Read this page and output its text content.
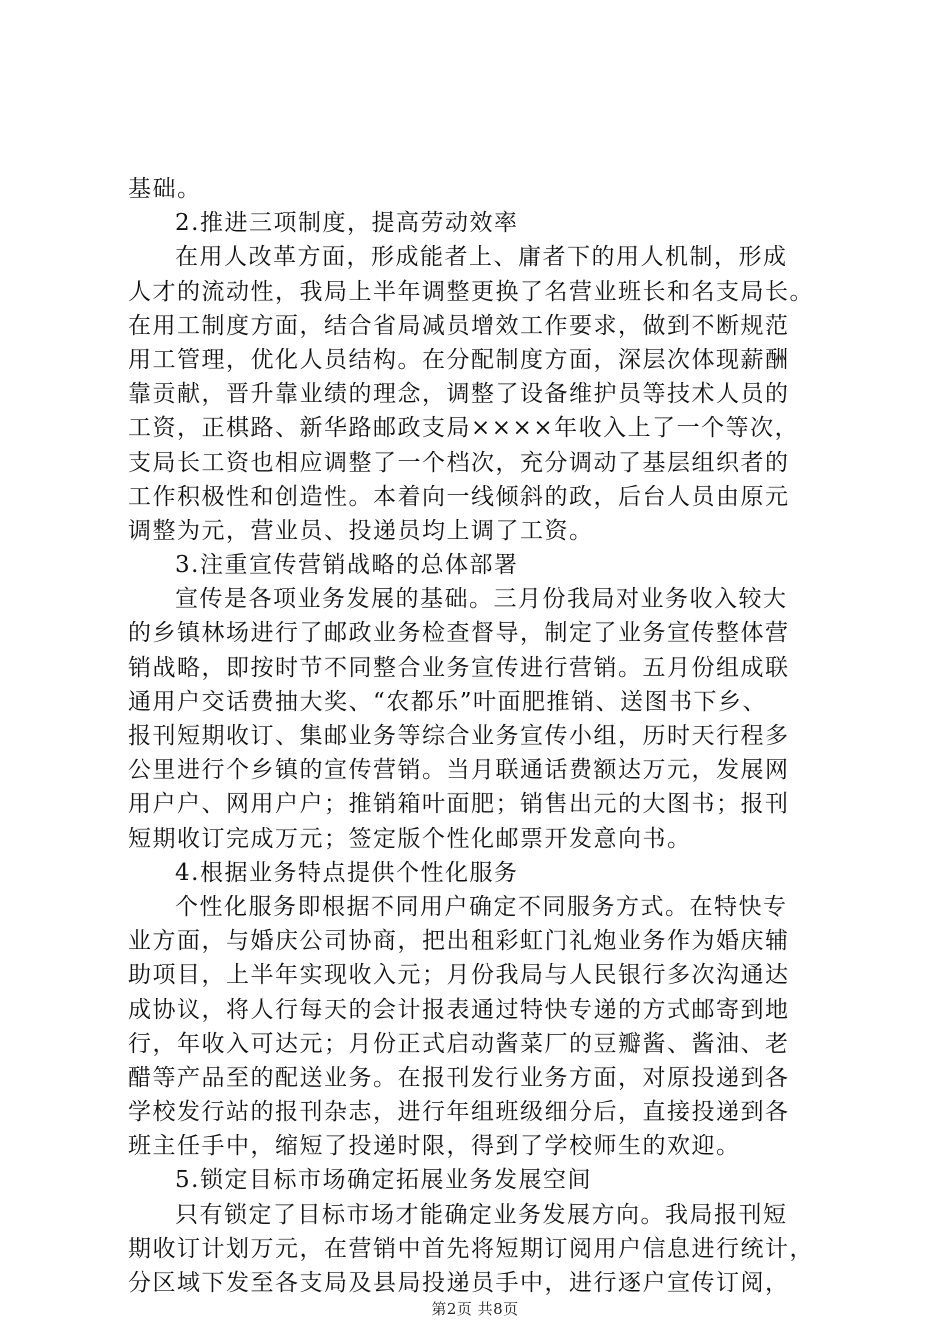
基础。
2.推进三项制度，提高劳动效率
在用人改革方面，形成能者上、庸者下的用人机制，形成
人才的流动性，我局上半年调整更换了名营业班长和名支局长。
在用工制度方面，结合省局减员增效工作要求，做到不断规范
用工管理，优化人员结构。在分配制度方面，深层次体现薪酬
靠贡献，晋升靠业绩的理念，调整了设备维护员等技术人员的
工资，正棋路、新华路邮政支局××××年收入上了一个等次，
支局长工资也相应调整了一个档次，充分调动了基层组织者的
工作积极性和创造性。本着向一线倾斜的政，后台人员由原元
调整为元，营业员、投递员均上调了工资。
3.注重宣传营销战略的总体部署
宣传是各项业务发展的基础。三月份我局对业务收入较大
的乡镇林场进行了邮政业务检查督导，制定了业务宣传整体营
销战略，即按时节不同整合业务宣传进行营销。五月份组成联
通用户交话费抽大奖、“农都乐”叶面肥推销、送图书下乡、
报刊短期收订、集邮业务等综合业务宣传小组，历时天行程多
公里进行个乡镇的宣传营销。当月联通话费额达万元，发展网
用户户、网用户户；推销箱叶面肥；销售出元的大图书；报刊
短期收订完成万元；签定版个性化邮票开发意向书。
4.根据业务特点提供个性化服务
个性化服务即根据不同用户确定不同服务方式。在特快专
业方面，与婚庆公司协商，把出租彩虹门礼炮业务作为婚庆辅
助项目，上半年实现收入元；月份我局与人民银行多次沟通达
成协议，将人行每天的会计报表通过特快专递的方式邮寄到地
行，年收入可达元；月份正式启动酱菜厂的豆瓣酱、酱油、老
醋等产品至的配送业务。在报刊发行业务方面，对原投递到各
学校发行站的报刊杂志，进行年组班级细分后，直接投递到各
班主任手中，缩短了投递时限，得到了学校师生的欢迎。
5.锁定目标市场确定拓展业务发展空间
只有锁定了目标市场才能确定业务发展方向。我局报刊短
期收订计划万元，在营销中首先将短期订阅用户信息进行统计，
分区域下发至各支局及县局投递员手中，进行逐户宣传订阅，
第2页 共8页
